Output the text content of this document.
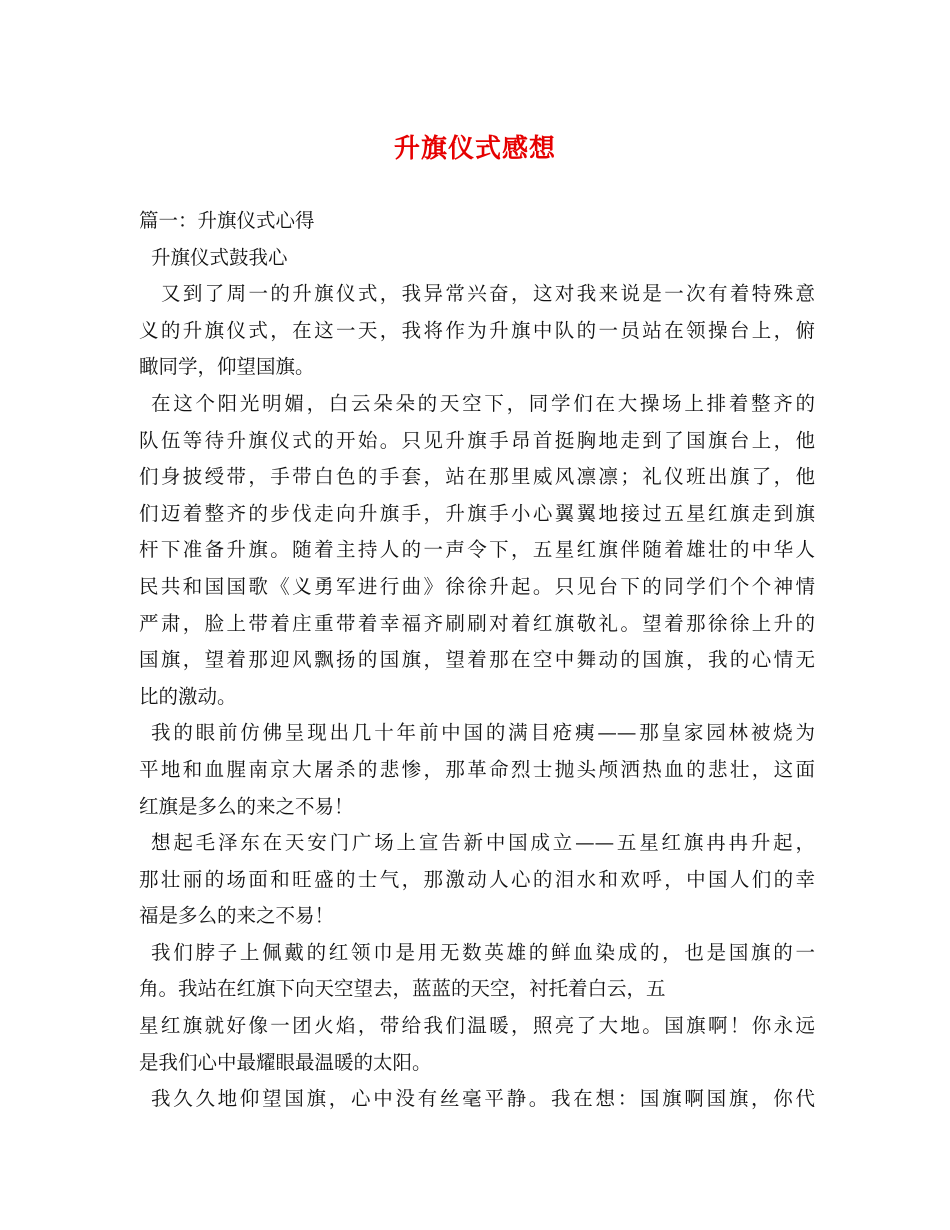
升旗仪式感想
篇一：升旗仪式心得
升旗仪式鼓我心
又到了周一的升旗仪式，我异常兴奋，这对我来说是一次有着特殊意
义的升旗仪式，在这一天，我将作为升旗中队的一员站在领操台上，俯
瞰同学，仰望国旗。
在这个阳光明媚，白云朵朵的天空下，同学们在大操场上排着整齐的
队伍等待升旗仪式的开始。只见升旗手昂首挺胸地走到了国旗台上，他
们身披绶带，手带白色的手套，站在那里威风凛凛；礼仪班出旗了，他
们迈着整齐的步伐走向升旗手，升旗手小心翼翼地接过五星红旗走到旗
杆下准备升旗。随着主持人的一声令下，五星红旗伴随着雄壮的中华人
民共和国国歌《义勇军进行曲》徐徐升起。只见台下的同学们个个神情
严肃，脸上带着庄重带着幸福齐刷刷对着红旗敬礼。望着那徐徐上升的
国旗，望着那迎风飘扬的国旗，望着那在空中舞动的国旗，我的心情无
比的激动。
我的眼前仿佛呈现出几十年前中国的满目疮痍——那皇家园林被烧为
平地和血腥南京大屠杀的悲惨，那革命烈士抛头颅洒热血的悲壮，这面
红旗是多么的来之不易！
想起毛泽东在天安门广场上宣告新中国成立——五星红旗冉冉升起，
那壮丽的场面和旺盛的士气，那激动人心的泪水和欢呼，中国人们的幸
福是多么的来之不易！
我们脖子上佩戴的红领巾是用无数英雄的鲜血染成的，也是国旗的一
角。我站在红旗下向天空望去，蓝蓝的天空，衬托着白云，五
星红旗就好像一团火焰，带给我们温暖，照亮了大地。国旗啊！你永远
是我们心中最耀眼最温暖的太阳。
我久久地仰望国旗，心中没有丝毫平静。我在想：国旗啊国旗，你代
